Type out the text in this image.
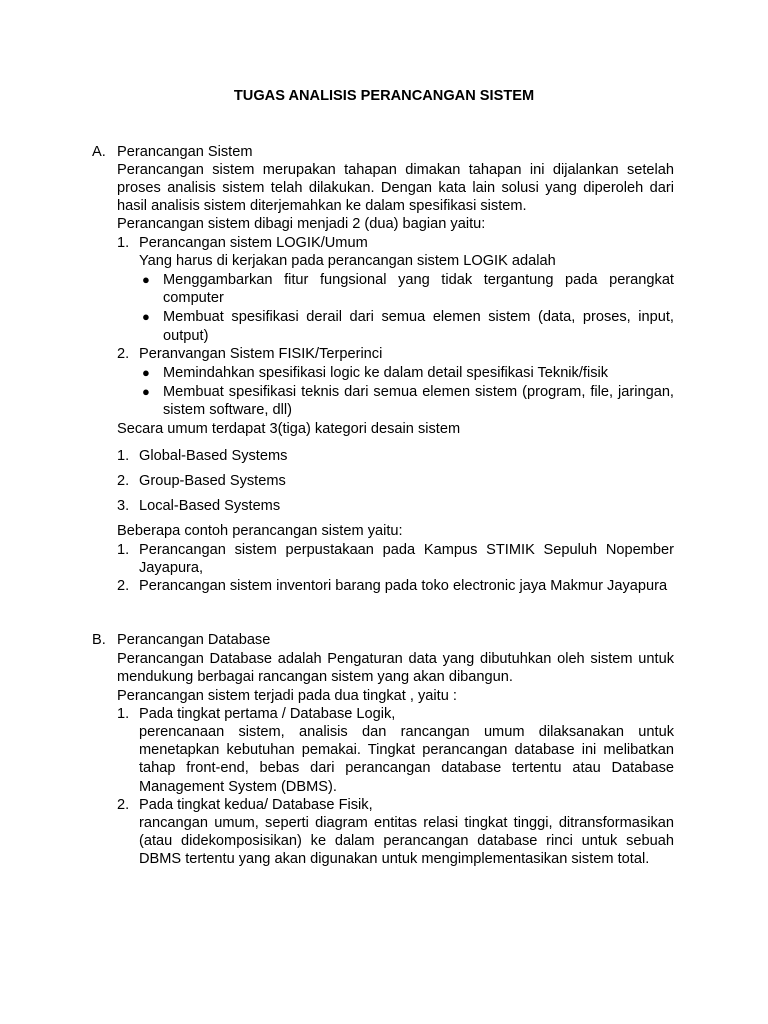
TUGAS ANALISIS PERANCANGAN SISTEM
A. Perancangan Sistem
Perancangan sistem merupakan tahapan dimakan tahapan ini dijalankan setelah proses analisis sistem telah dilakukan. Dengan kata lain solusi yang diperoleh dari hasil analisis sistem diterjemahkan ke dalam spesifikasi sistem.
Perancangan sistem dibagi menjadi 2 (dua) bagian yaitu:
1. Perancangan sistem LOGIK/Umum
Yang harus di kerjakan pada perancangan sistem LOGIK adalah
● Menggambarkan fitur fungsional yang tidak tergantung pada perangkat computer
● Membuat spesifikasi derail dari semua elemen sistem (data, proses, input, output)
2. Peranvangan Sistem FISIK/Terperinci
● Memindahkan spesifikasi logic ke dalam detail spesifikasi Teknik/fisik
● Membuat spesifikasi teknis dari semua elemen sistem (program, file, jaringan, sistem software, dll)
Secara umum terdapat 3(tiga) kategori desain sistem
1. Global-Based Systems
2. Group-Based Systems
3. Local-Based Systems
Beberapa contoh perancangan sistem yaitu:
1. Perancangan sistem perpustakaan pada Kampus STIMIK Sepuluh Nopember Jayapura,
2. Perancangan sistem inventori barang pada toko electronic jaya Makmur Jayapura
B. Perancangan Database
Perancangan Database adalah Pengaturan data yang dibutuhkan oleh sistem untuk mendukung berbagai rancangan sistem yang akan dibangun.
Perancangan sistem terjadi pada dua tingkat , yaitu :
1. Pada tingkat pertama / Database Logik,
perencanaan sistem, analisis dan rancangan umum dilaksanakan untuk menetapkan kebutuhan pemakai. Tingkat perancangan database ini melibatkan tahap front-end, bebas dari perancangan database tertentu atau Database Management System (DBMS).
2. Pada tingkat kedua/ Database Fisik,
rancangan umum, seperti diagram entitas relasi tingkat tinggi, ditransformasikan (atau didekomposisikan) ke dalam perancangan database rinci untuk sebuah DBMS tertentu yang akan digunakan untuk mengimplementasikan sistem total.
